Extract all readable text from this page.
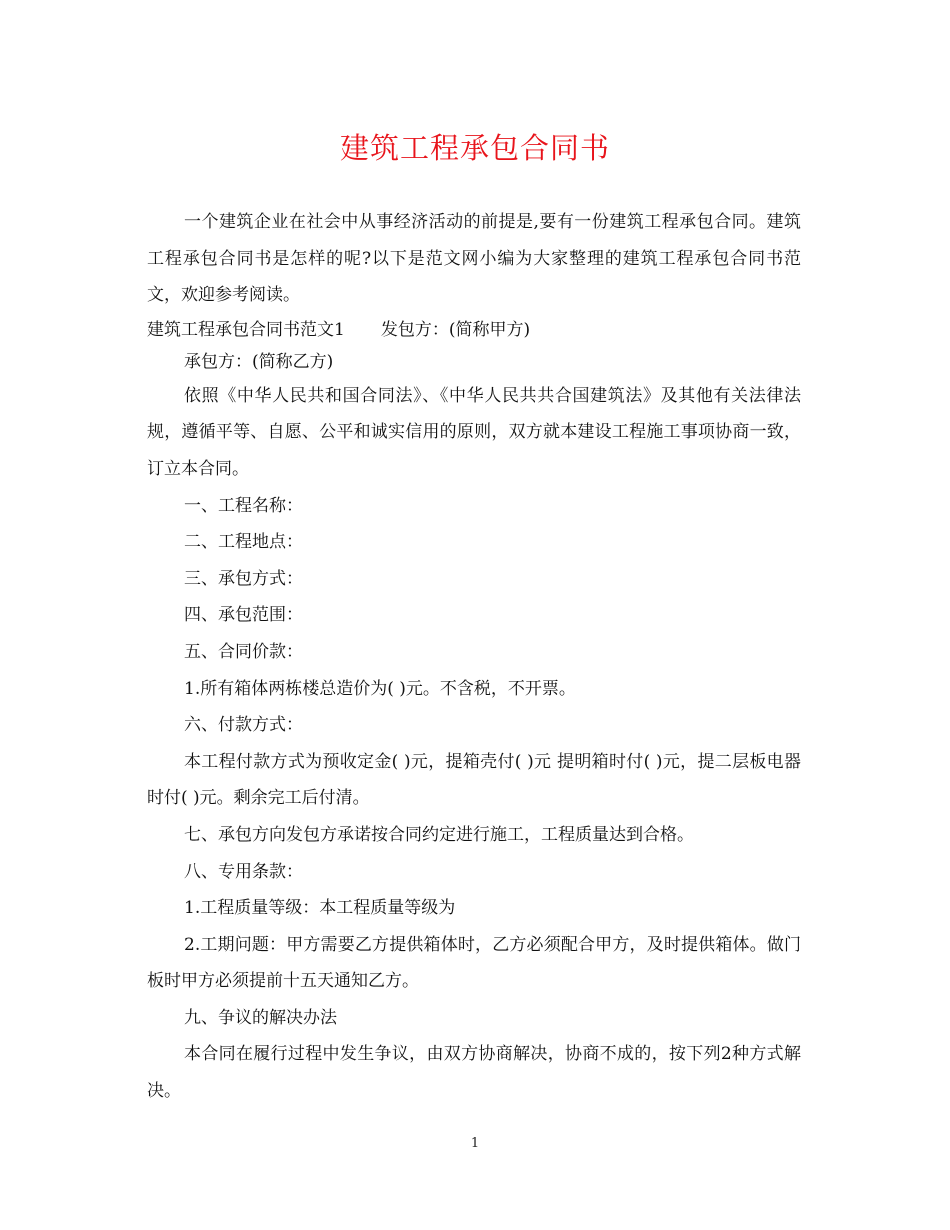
建筑工程承包合同书

一个建筑企业在社会中从事经济活动的前提是,要有一份建筑工程承包合同。建筑工程承包合同书是怎样的呢?以下是范文网小编为大家整理的建筑工程承包合同书范文，欢迎参考阅读。

建筑工程承包合同书范文1 发包方：(简称甲方)

承包方：(简称乙方)

依照《中华人民共和国合同法》、《中华人民共共合国建筑法》及其他有关法律法规，遵循平等、自愿、公平和诚实信用的原则，双方就本建设工程施工事项协商一致，订立本合同。

一、工程名称：

二、工程地点：

三、承包方式：

四、承包范围：

五、合同价款：

1.所有箱体两栋楼总造价为( )元。不含税，不开票。

六、付款方式：

本工程付款方式为预收定金( )元，提箱壳付( )元 提明箱时付( )元，提二层板电器时付( )元。剩余完工后付清。

七、承包方向发包方承诺按合同约定进行施工，工程质量达到合格。

八、专用条款：

1.工程质量等级：本工程质量等级为

2.工期问题：甲方需要乙方提供箱体时，乙方必须配合甲方，及时提供箱体。做门板时甲方必须提前十五天通知乙方。

九、争议的解决办法

本合同在履行过程中发生争议，由双方协商解决，协商不成的，按下列2种方式解决。

1
